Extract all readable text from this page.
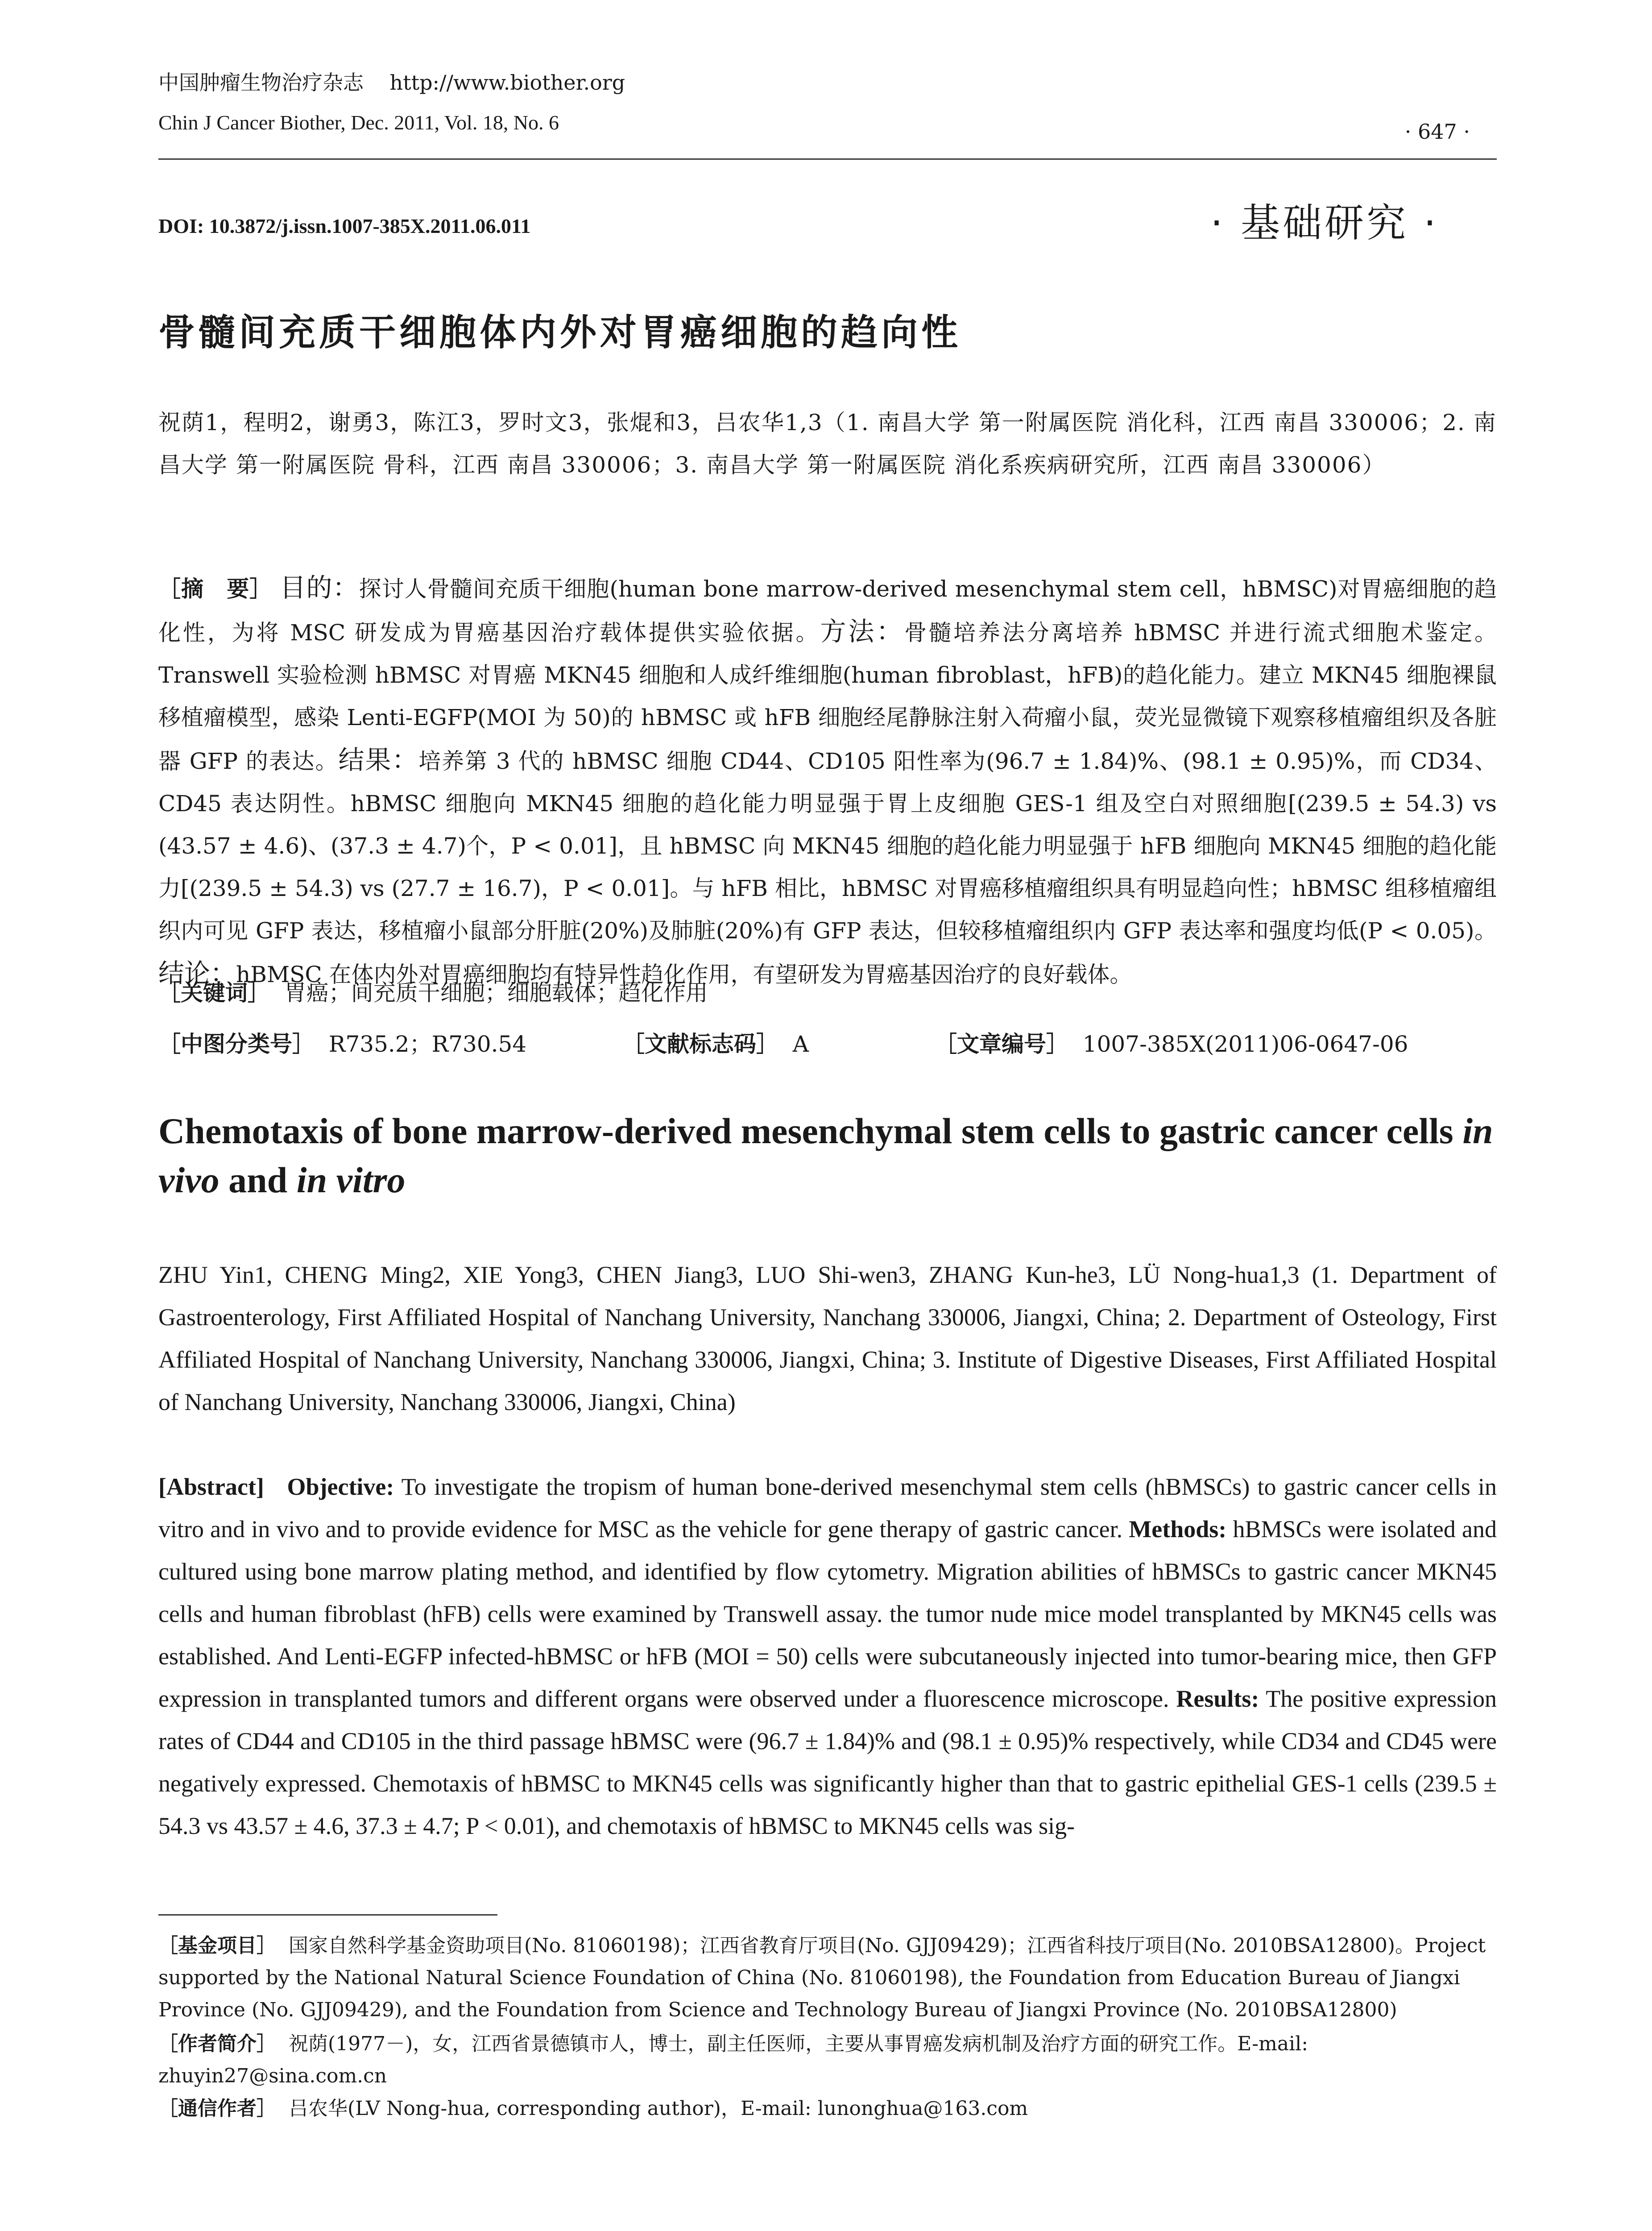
中国肿瘤生物治疗杂志 http://www.biother.org
Chin J Cancer Biother, Dec. 2011, Vol. 18, No. 6	· 647 ·
DOI: 10.3872/j.issn.1007-385X.2011.06.011	· 基础研究 ·
骨髓间充质干细胞体内外对胃癌细胞的趋向性
祝荫1，程明2，谢勇3，陈江3，罗时文3，张焜和3，吕农华1,3（1. 南昌大学 第一附属医院 消化科，江西 南昌 330006；2. 南昌大学 第一附属医院 骨科，江西 南昌 330006；3. 南昌大学 第一附属医院 消化系疾病研究所，江西 南昌 330006）
［摘　要］ 目的：探讨人骨髓间充质干细胞(human bone marrow-derived mesenchymal stem cell，hBMSC)对胃癌细胞的趋化性，为将 MSC 研发成为胃癌基因治疗载体提供实验依据。方法：骨髓培养法分离培养 hBMSC 并进行流式细胞术鉴定。Transwell 实验检测 hBMSC 对胃癌 MKN45 细胞和人成纤维细胞(human fibroblast，hFB)的趋化能力。建立 MKN45 细胞裸鼠移植瘤模型，感染 Lenti-EGFP(MOI 为 50)的 hBMSC 或 hFB 细胞经尾静脉注射入荷瘤小鼠，荧光显微镜下观察移植瘤组织及各脏器 GFP 的表达。结果：培养第 3 代的 hBMSC 细胞 CD44、CD105 阳性率为(96.7 ± 1.84)%、(98.1 ± 0.95)%，而 CD34、CD45 表达阴性。hBMSC 细胞向 MKN45 细胞的趋化能力明显强于胃上皮细胞 GES-1 组及空白对照细胞[(239.5 ± 54.3) vs (43.57 ± 4.6)、(37.3 ± 4.7)个，P < 0.01]，且 hBMSC 向 MKN45 细胞的趋化能力明显强于 hFB 细胞向 MKN45 细胞的趋化能力[(239.5 ± 54.3) vs (27.7 ± 16.7)，P < 0.01]。与 hFB 相比，hBMSC 对胃癌移植瘤组织具有明显趋向性；hBMSC 组移植瘤组织内可见 GFP 表达，移植瘤小鼠部分肝脏(20%)及肺脏(20%)有 GFP 表达，但较移植瘤组织内 GFP 表达率和强度均低(P < 0.05)。结论：hBMSC 在体内外对胃癌细胞均有特异性趋化作用，有望研发为胃癌基因治疗的良好载体。
［关键词］ 胃癌；间充质干细胞；细胞载体；趋化作用
［中图分类号］ R735.2；R730.54	［文献标志码］ A	［文章编号］ 1007-385X(2011)06-0647-06
Chemotaxis of bone marrow-derived mesenchymal stem cells to gastric cancer cells in vivo and in vitro
ZHU Yin1, CHENG Ming2, XIE Yong3, CHEN Jiang3, LUO Shi-wen3, ZHANG Kun-he3, LÜ Nong-hua1,3 (1. Department of Gastroenterology, First Affiliated Hospital of Nanchang University, Nanchang 330006, Jiangxi, China; 2. Department of Osteology, First Affiliated Hospital of Nanchang University, Nanchang 330006, Jiangxi, China; 3. Institute of Digestive Diseases, First Affiliated Hospital of Nanchang University, Nanchang 330006, Jiangxi, China)
[Abstract] Objective: To investigate the tropism of human bone-derived mesenchymal stem cells (hBMSCs) to gastric cancer cells in vitro and in vivo and to provide evidence for MSC as the vehicle for gene therapy of gastric cancer. Methods: hBMSCs were isolated and cultured using bone marrow plating method, and identified by flow cytometry. Migration abilities of hBMSCs to gastric cancer MKN45 cells and human fibroblast (hFB) cells were examined by Transwell assay. the tumor nude mice model transplanted by MKN45 cells was established. And Lenti-EGFP infected-hBMSC or hFB (MOI = 50) cells were subcutaneously injected into tumor-bearing mice, then GFP expression in transplanted tumors and different organs were observed under a fluorescence microscope. Results: The positive expression rates of CD44 and CD105 in the third passage hBMSC were (96.7 ± 1.84)% and (98.1 ± 0.95)% respectively, while CD34 and CD45 were negatively expressed. Chemotaxis of hBMSC to MKN45 cells was significantly higher than that to gastric epithelial GES-1 cells (239.5 ± 54.3 vs 43.57 ± 4.6, 37.3 ± 4.7; P < 0.01), and chemotaxis of hBMSC to MKN45 cells was sig-
［基金项目］ 国家自然科学基金资助项目(No. 81060198)；江西省教育厅项目(No. GJJ09429)；江西省科技厅项目(No. 2010BSA12800)。Project supported by the National Natural Science Foundation of China (No. 81060198), the Foundation from Education Bureau of Jiangxi Province (No. GJJ09429), and the Foundation from Science and Technology Bureau of Jiangxi Province (No. 2010BSA12800)
［作者简介］ 祝荫(1977－)，女，江西省景德镇市人，博士，副主任医师，主要从事胃癌发病机制及治疗方面的研究工作。E-mail: zhuyin27@sina.com.cn
［通信作者］ 吕农华(LV Nong-hua, corresponding author)，E-mail: lunonghua@163.com
